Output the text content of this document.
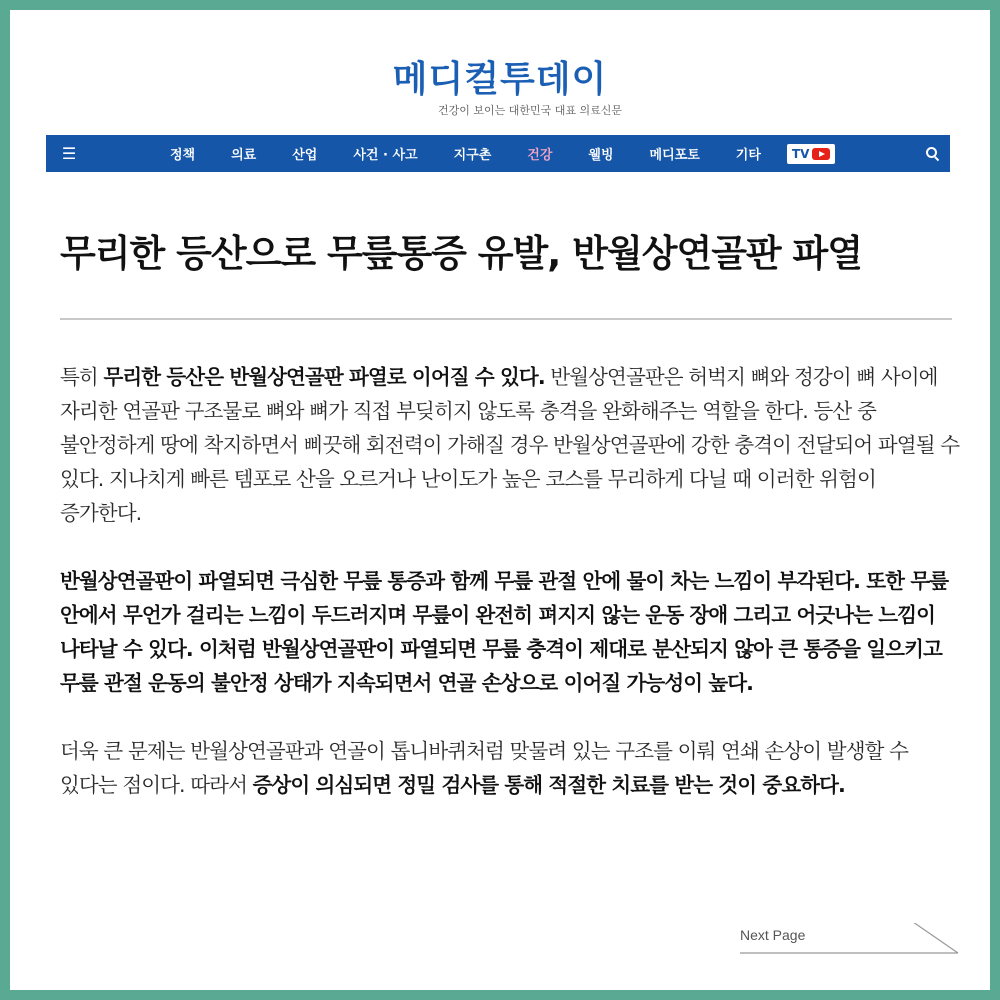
메디컬투데이
건강이 보이는 대한민국 대표 의료신문
☰	정책	의료	산업	사건 · 사고	지구촌	건강	웰빙	메디포토	기타	TV
무리한 등산으로 무릎통증 유발, 반월상연골판 파열

특히 무리한 등산은 반월상연골판 파열로 이어질 수 있다. 반월상연골판은 허벅지 뼈와 정강이 뼈 사이에 자리한 연골판 구조물로 뼈와 뼈가 직접 부딪히지 않도록 충격을 완화해주는 역할을 한다. 등산 중 불안정하게 땅에 착지하면서 삐끗해 회전력이 가해질 경우 반월상연골판에 강한 충격이 전달되어 파열될 수 있다. 지나치게 빠른 템포로 산을 오르거나 난이도가 높은 코스를 무리하게 다닐 때 이러한 위험이 증가한다.

반월상연골판이 파열되면 극심한 무릎 통증과 함께 무릎 관절 안에 물이 차는 느낌이 부각된다. 또한 무릎 안에서 무언가 걸리는 느낌이 두드러지며 무릎이 완전히 펴지지 않는 운동 장애 그리고 어긋나는 느낌이 나타날 수 있다. 이처럼 반월상연골판이 파열되면 무릎 충격이 제대로 분산되지 않아 큰 통증을 일으키고 무릎 관절 운동의 불안정 상태가 지속되면서 연골 손상으로 이어질 가능성이 높다.

더욱 큰 문제는 반월상연골판과 연골이 톱니바퀴처럼 맞물려 있는 구조를 이뤄 연쇄 손상이 발생할 수 있다는 점이다. 따라서 증상이 의심되면 정밀 검사를 통해 적절한 치료를 받는 것이 중요하다.

Next Page
